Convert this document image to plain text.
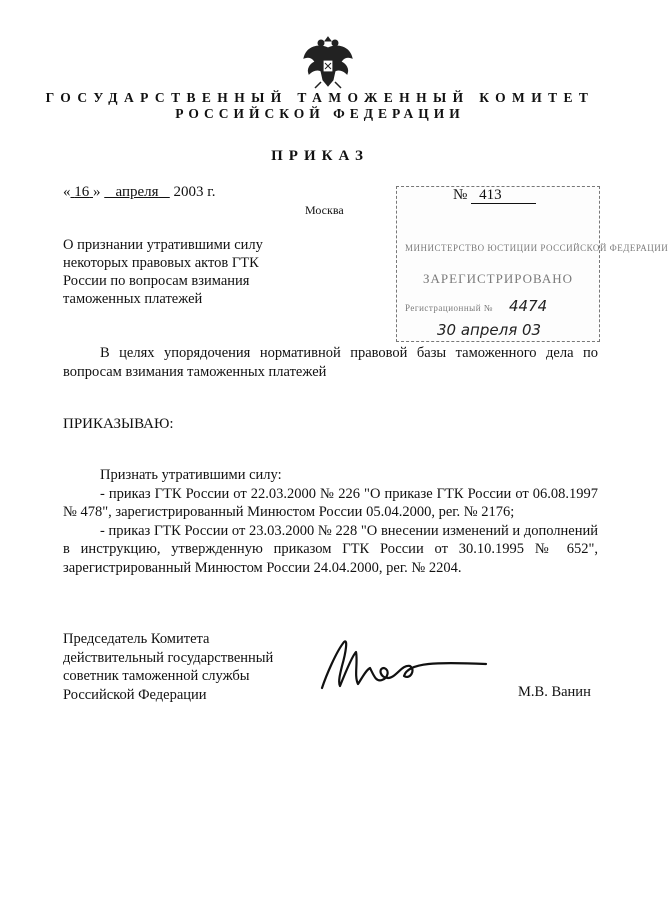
ГОСУДАРСТВЕННЫЙ ТАМОЖЕННЫЙ КОМИТЕТ
РОССИЙСКОЙ ФЕДЕРАЦИИ
ПРИКАЗ
« 16 » апреля 2003 г.
Москва
№ 413
МИНИСТЕРСТВО ЮСТИЦИИ РОССИЙСКОЙ ФЕДЕРАЦИИ
ЗАРЕГИСТРИРОВАНО
Регистрационный № 4474
30 апреля 03
О признании утратившими силу
некоторых правовых актов ГТК
России по вопросам взимания
таможенных платежей
В целях упорядочения нормативной правовой базы таможенного дела по вопросам взимания таможенных платежей
ПРИКАЗЫВАЮ:
Признать утратившими силу:
- приказ ГТК России от 22.03.2000 № 226 "О приказе ГТК России от 06.08.1997 № 478", зарегистрированный Минюстом России 05.04.2000, рег. № 2176;
- приказ ГТК России от 23.03.2000 № 228 "О внесении изменений и дополнений в инструкцию, утвержденную приказом ГТК России от 30.10.1995 № 652", зарегистрированный Минюстом России 24.04.2000, рег. № 2204.
Председатель Комитета
действительный государственный
советник таможенной службы
Российской Федерации	М.В. Ванин
